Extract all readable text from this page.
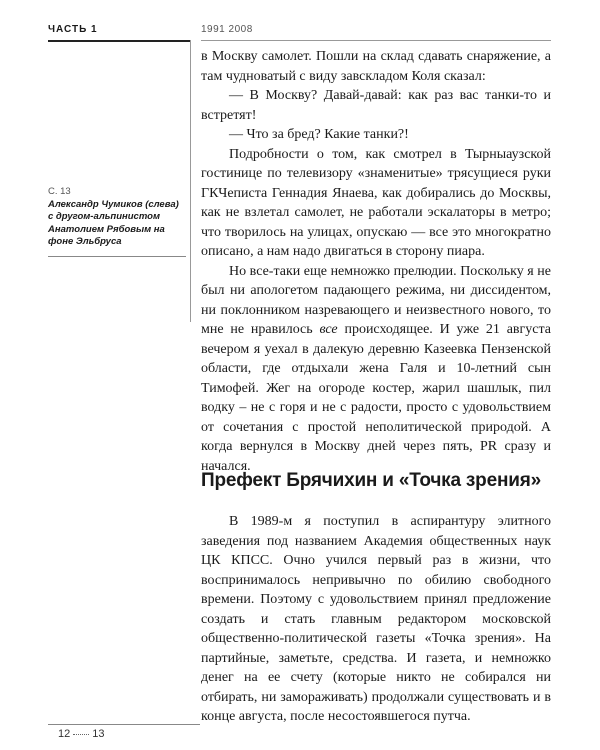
ЧАСТЬ 1	1991 2008
С. 13
Александр Чумиков (слева) с другом-альпинистом Анатолием Рябовым на фоне Эльбруса

в Москву самолет. Пошли на склад сдавать снаряжение, а там чудноватый с виду завскладом Коля сказал:

— В Москву? Давай-давай: как раз вас танки-то и встретят!

— Что за бред? Какие танки?!

Подробности о том, как смотрел в Тырныаузской гостинице по телевизору «знаменитые» трясущиеся руки ГКЧеписта Геннадия Янаева, как добирались до Москвы, как не взлетал самолет, не работали эскалаторы в метро; что творилось на улицах, опускаю — все это многократно описано, а нам надо двигаться в сторону пиара.

Но все-таки еще немножко прелюдии. Поскольку я не был ни апологетом падающего режима, ни диссидентом, ни поклонником назревающего и неизвестного нового, то мне не нравилось все происходящее. И уже 21 августа вечером я уехал в далекую деревню Казеевка Пензенской области, где отдыхали жена Галя и 10-летний сын Тимофей. Жег на огороде костер, жарил шашлык, пил водку – не с горя и не с радости, просто с удовольствием от сочетания с простой неполитической природой. А когда вернулся в Москву дней через пять, PR сразу и начался.

Префект Брячихин и «Точка зрения»

В 1989-м я поступил в аспирантуру элитного заведения под названием Академия общественных наук ЦК КПСС. Очно учился первый раз в жизни, что воспринималось непривычно по обилию свободного времени. Поэтому с удовольствием принял предложение создать и стать главным редактором московской общественно-политической газеты «Точка зрения». На партийные, заметьте, средства. И газета, и немножко денег на ее счету (которые никто не собирался ни отбирать, ни замораживать) продолжали существовать и в конце августа, после несостоявшегося путча.

12 13
